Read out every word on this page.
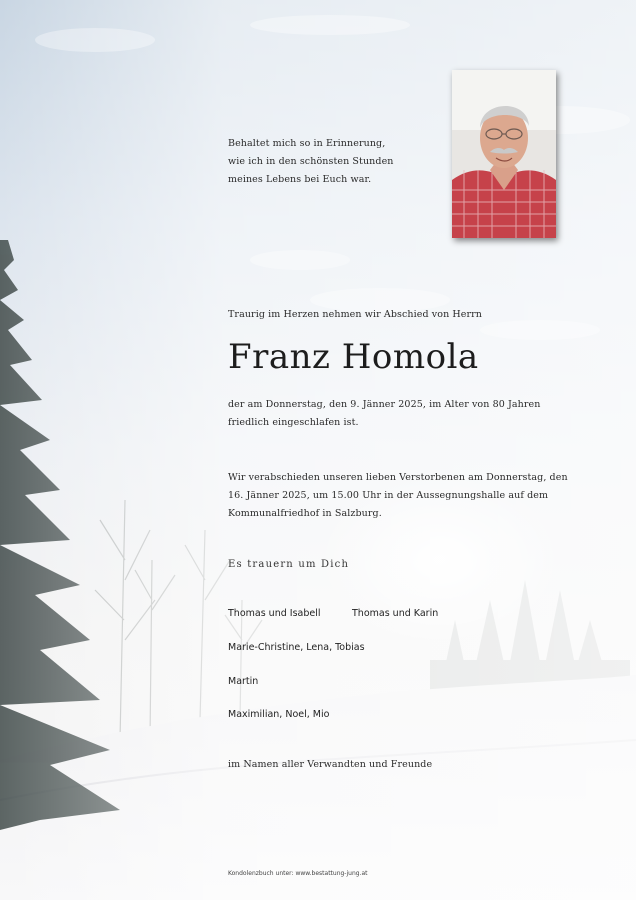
Behaltet mich so in Erinnerung,
wie ich in den schönsten Stunden
meines Lebens bei Euch war.
Traurig im Herzen nehmen wir Abschied von Herrn
Franz Homola
der am Donnerstag, den 9. Jänner 2025, im Alter von 80 Jahren friedlich eingeschlafen ist.
Wir verabschieden unseren lieben Verstorbenen am Donnerstag, den 16. Jänner 2025, um 15.00 Uhr in der Aussegnungshalle auf dem Kommunalfriedhof in Salzburg.
Es trauern um Dich
Thomas und Isabell	Thomas und Karin
Marie-Christine, Lena, Tobias
Martin
Maximilian, Noel, Mio
im Namen aller Verwandten und Freunde
Kondolenzbuch unter: www.bestattung-jung.at
